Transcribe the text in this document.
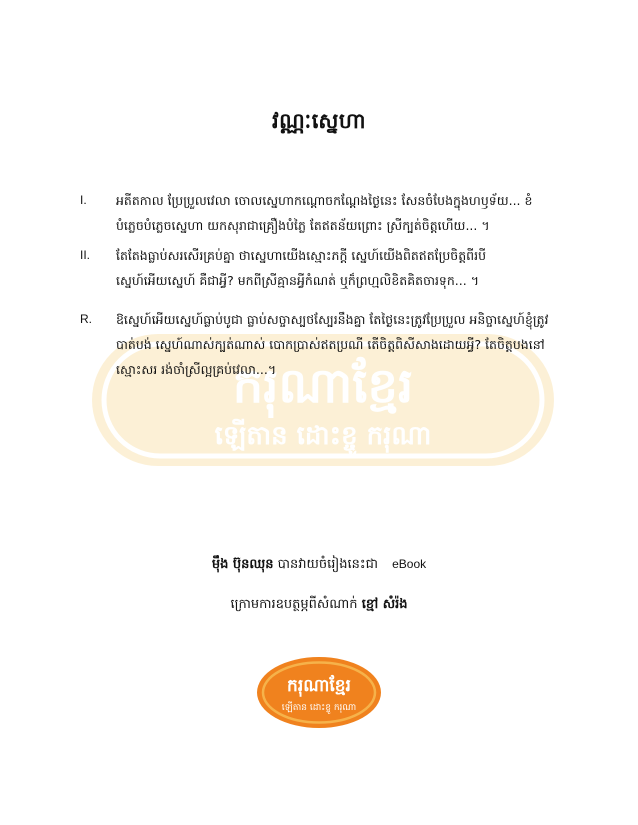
ករុណាខ្មែរ
ឡើតាន ដោះខ្ចូ ករុណា
វណ្ណៈស្នេហា
I. អតីតកាល ប្រែប្រួលវេលា ចោលស្នេហាកណ្តោចកណ្តែងថ្ងៃនេះ សែនចំបែងក្នុងហឫទ័យ... ខំបំភ្លេចបំភ្លេចស្នេហា យកសុរាជាគ្រឿងបំភ្លៃ តែឥតន័យព្រោះ ស្រីក្បត់ចិត្តហើយ... ។
II. តែតែងធ្លាប់សរសើរគ្រប់គ្នា ថាស្នេហាយើងស្មោះភក្តី ស្នេហ៍យើងពិតឥតប្រែចិត្តពីរបី ស្នេហ៍អើយស្នេហ៍ គឺជាអ្វី? មកពីស្រីគ្មានអ្វីកំណត់ ឬក៏ព្រហ្មលិខិតគិតចារទុក... ។
R. ឱស្នេហ៍អើយស្នេហ៍ធ្លាប់បូជា ធ្លាប់សច្ចាស្បថស្បែរនឹងគ្នា តែថ្ងៃនេះត្រូវប្រែប្រួល អនិច្ចាស្នេហ៍ខ្ញុំត្រូវបាត់បង់ ស្នេហ៍ណាស់ក្បត់ណាស់ បោកប្រាស់ឥតប្រណី តើចិត្តពិសីសាងដោយអ្វី? តែចិត្តបងនៅស្មោះសរ រង់ចាំស្រីល្អគ្រប់វេលា...។
ម៉ឹង ប៊ុនឈុន បានវាយចំរៀងនេះជា eBook
ក្រោមការឧបត្ថម្ភពីសំណាក់ ខ្មៅ សំរ៉ង
ករុណាខ្មែរ
ឡើតាន ដោះខ្ចូ ករុណា
